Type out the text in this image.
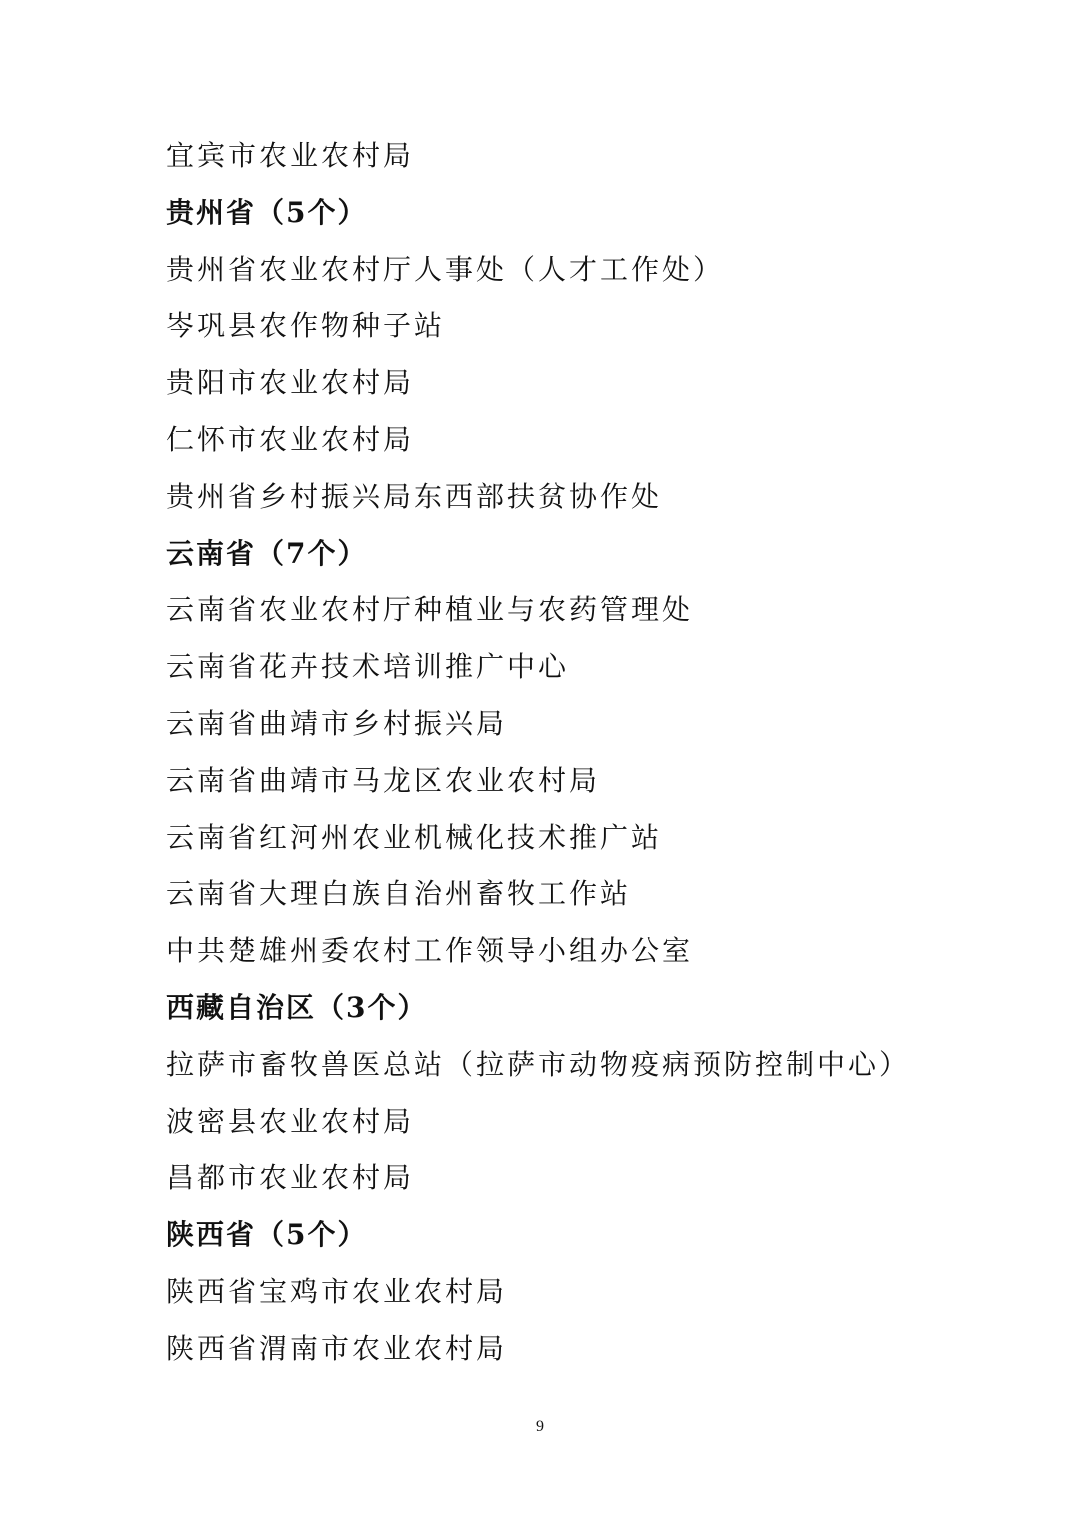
宜宾市农业农村局
贵州省（5个）
贵州省农业农村厅人事处（人才工作处）
岑巩县农作物种子站
贵阳市农业农村局
仁怀市农业农村局
贵州省乡村振兴局东西部扶贫协作处
云南省（7个）
云南省农业农村厅种植业与农药管理处
云南省花卉技术培训推广中心
云南省曲靖市乡村振兴局
云南省曲靖市马龙区农业农村局
云南省红河州农业机械化技术推广站
云南省大理白族自治州畜牧工作站
中共楚雄州委农村工作领导小组办公室
西藏自治区（3个）
拉萨市畜牧兽医总站（拉萨市动物疫病预防控制中心）
波密县农业农村局
昌都市农业农村局
陕西省（5个）
陕西省宝鸡市农业农村局
陕西省渭南市农业农村局
9
